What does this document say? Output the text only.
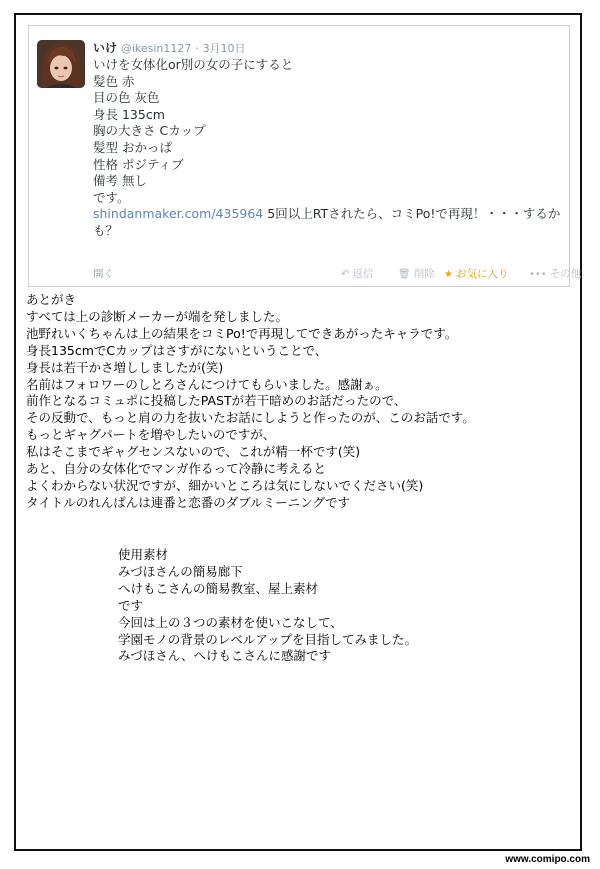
いけ @ikesin1127 · 3月10日
いけを女体化or別の女の子にすると
髪色 赤
目の色 灰色
身長 135cm
胸の大きさ Cカップ
髪型 おかっぱ
性格 ポジティブ
備考 無し
です。
shindanmaker.com/435964 5回以上RTされたら、コミPo!で再現！・・・するかも？
開く	↶ 返信 🗑 削除 ★ お気に入り ••• その他
あとがき
すべては上の診断メーカーが端を発しました。
池野れいくちゃんは上の結果をコミPo!で再現してできあがったキャラです。
身長135cmでCカップはさすがにないということで、
身長は若干かさ増ししましたが(笑)
名前はフォロワーのしとろさんにつけてもらいました。感謝ぁ。
前作となるコミュポに投稿したPASTが若干暗めのお話だったので、
その反動で、もっと肩の力を抜いたお話にしようと作ったのが、このお話です。
もっとギャグパートを増やしたいのですが、
私はそこまでギャグセンスないので、これが精一杯です(笑)
あと、自分の女体化でマンガ作るって冷静に考えると
よくわからない状況ですが、細かいところは気にしないでください(笑)
タイトルのれんぱんは連番と恋番のダブルミーニングです
使用素材
みづほさんの簡易廊下
へけもこさんの簡易教室、屋上素材
です
今回は上の３つの素材を使いこなして、
学園モノの背景のレベルアップを目指してみました。
みづほさん、へけもこさんに感謝です
www.comipo.com
